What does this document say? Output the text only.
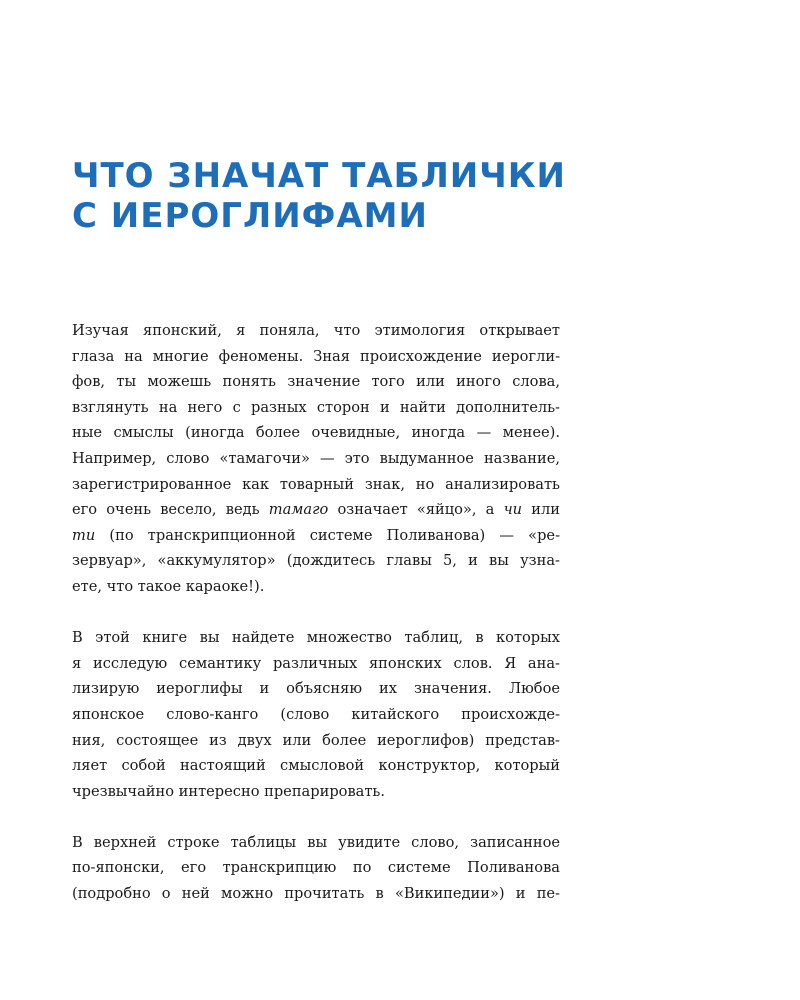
ЧТО ЗНАЧАТ ТАБЛИЧКИ
С ИЕРОГЛИФАМИ
Изучая японский, я поняла, что этимология открывает
глаза на многие феномены. Зная происхождение иерогли-
фов, ты можешь понять значение того или иного слова,
взглянуть на него с разных сторон и найти дополнитель-
ные смыслы (иногда более очевидные, иногда — менее).
Например, слово «тамагочи» — это выдуманное название,
зарегистрированное как товарный знак, но анализировать
его очень весело, ведь тамаго означает «яйцо», а чи или
ти (по транскрипционной системе Поливанова) — «ре-
зервуар», «аккумулятор» (дождитесь главы 5, и вы узна-
ете, что такое караоке!).
В этой книге вы найдете множество таблиц, в которых
я исследую семантику различных японских слов. Я ана-
лизирую иероглифы и объясняю их значения. Любое
японское слово-канго (слово китайского происхожде-
ния, состоящее из двух или более иероглифов) представ-
ляет собой настоящий смысловой конструктор, который
чрезвычайно интересно препарировать.
В верхней строке таблицы вы увидите слово, записанное
по-японски, его транскрипцию по системе Поливанова
(подробно о ней можно прочитать в «Википедии») и пе-
